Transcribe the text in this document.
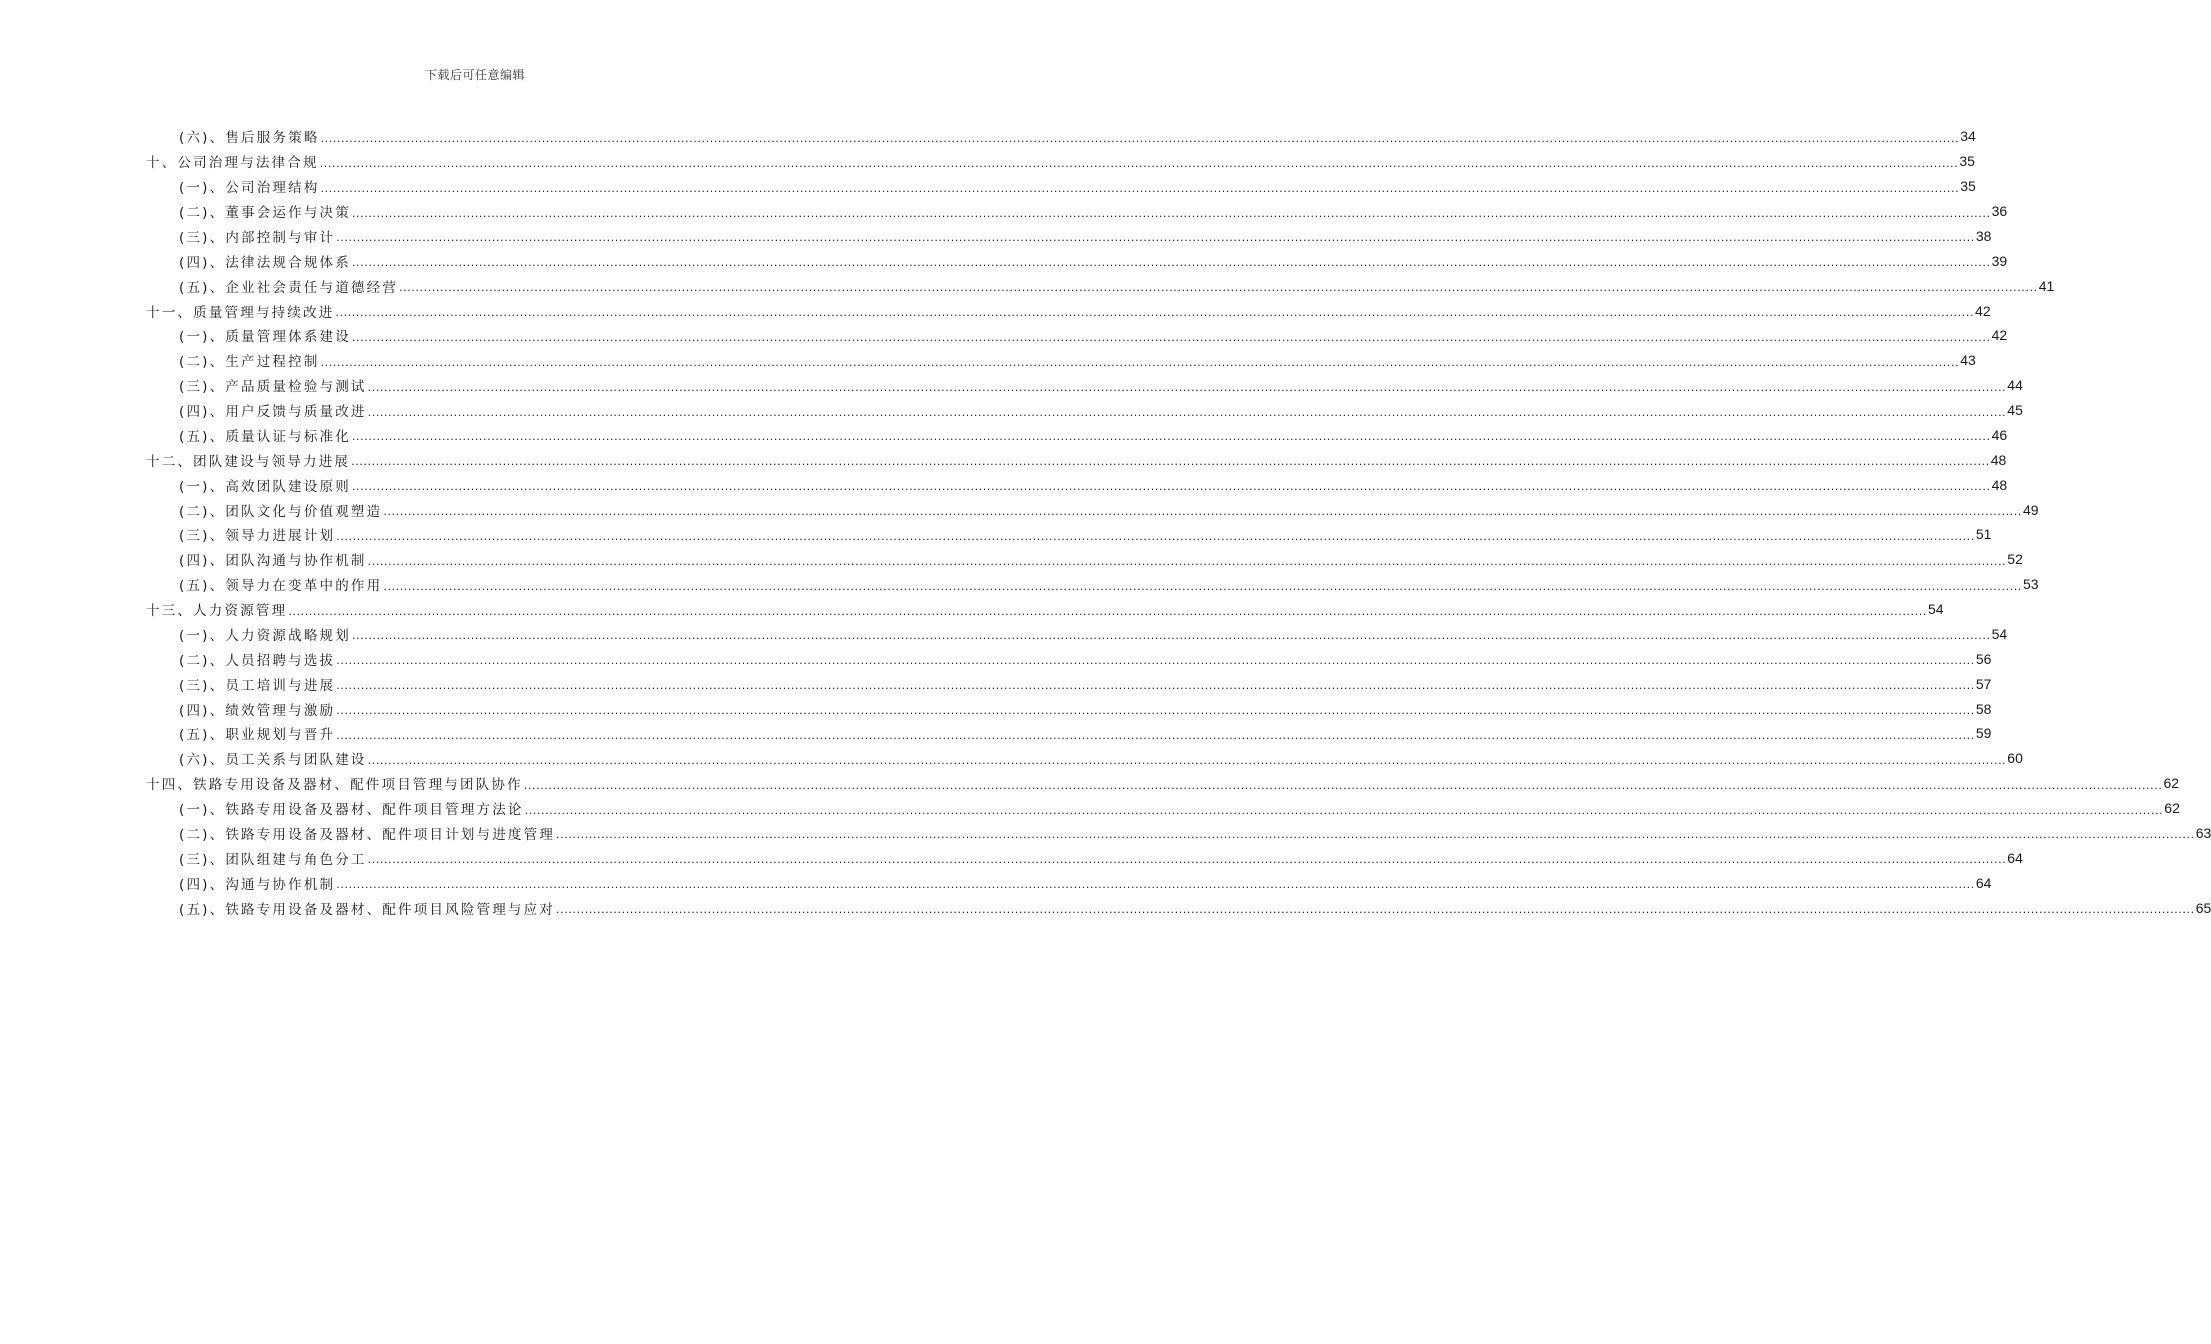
下载后可任意编辑
(六)、售后服务策略 ................................................................................................................................................................................................................................................................................................................................................................................................................ 34
十、公司治理与法律合规 ................................................................................................................................................................................................................................................................................................................................................................................................................ 35
(一)、公司治理结构 ................................................................................................................................................................................................................................................................................................................................................................................................................ 35
(二)、董事会运作与决策 ................................................................................................................................................................................................................................................................................................................................................................................................................ 36
(三)、内部控制与审计 ................................................................................................................................................................................................................................................................................................................................................................................................................ 38
(四)、法律法规合规体系 ................................................................................................................................................................................................................................................................................................................................................................................................................ 39
(五)、企业社会责任与道德经营 ................................................................................................................................................................................................................................................................................................................................................................................................................ 41
十一、质量管理与持续改进 ................................................................................................................................................................................................................................................................................................................................................................................................................ 42
(一)、质量管理体系建设 ................................................................................................................................................................................................................................................................................................................................................................................................................ 42
(二)、生产过程控制 ................................................................................................................................................................................................................................................................................................................................................................................................................ 43
(三)、产品质量检验与测试 ................................................................................................................................................................................................................................................................................................................................................................................................................ 44
(四)、用户反馈与质量改进 ................................................................................................................................................................................................................................................................................................................................................................................................................ 45
(五)、质量认证与标准化 ................................................................................................................................................................................................................................................................................................................................................................................................................ 46
十二、团队建设与领导力进展 ................................................................................................................................................................................................................................................................................................................................................................................................................ 48
(一)、高效团队建设原则 ................................................................................................................................................................................................................................................................................................................................................................................................................ 48
(二)、团队文化与价值观塑造 ................................................................................................................................................................................................................................................................................................................................................................................................................ 49
(三)、领导力进展计划 ................................................................................................................................................................................................................................................................................................................................................................................................................ 51
(四)、团队沟通与协作机制 ................................................................................................................................................................................................................................................................................................................................................................................................................ 52
(五)、领导力在变革中的作用 ................................................................................................................................................................................................................................................................................................................................................................................................................ 53
十三、人力资源管理 ................................................................................................................................................................................................................................................................................................................................................................................................................ 54
(一)、人力资源战略规划 ................................................................................................................................................................................................................................................................................................................................................................................................................ 54
(二)、人员招聘与选拔 ................................................................................................................................................................................................................................................................................................................................................................................................................ 56
(三)、员工培训与进展 ................................................................................................................................................................................................................................................................................................................................................................................................................ 57
(四)、绩效管理与激励 ................................................................................................................................................................................................................................................................................................................................................................................................................ 58
(五)、职业规划与晋升 ................................................................................................................................................................................................................................................................................................................................................................................................................ 59
(六)、员工关系与团队建设 ................................................................................................................................................................................................................................................................................................................................................................................................................ 60
十四、铁路专用设备及器材、配件项目管理与团队协作 ................................................................................................................................................................................................................................................................................................................................................................................................................ 62
(一)、铁路专用设备及器材、配件项目管理方法论 ................................................................................................................................................................................................................................................................................................................................................................................................................ 62
(二)、铁路专用设备及器材、配件项目计划与进度管理 ................................................................................................................................................................................................................................................................................................................................................................................................................ 63
(三)、团队组建与角色分工 ................................................................................................................................................................................................................................................................................................................................................................................................................ 64
(四)、沟通与协作机制 ................................................................................................................................................................................................................................................................................................................................................................................................................ 64
(五)、铁路专用设备及器材、配件项目风险管理与应对 ................................................................................................................................................................................................................................................................................................................................................................................................................ 65
